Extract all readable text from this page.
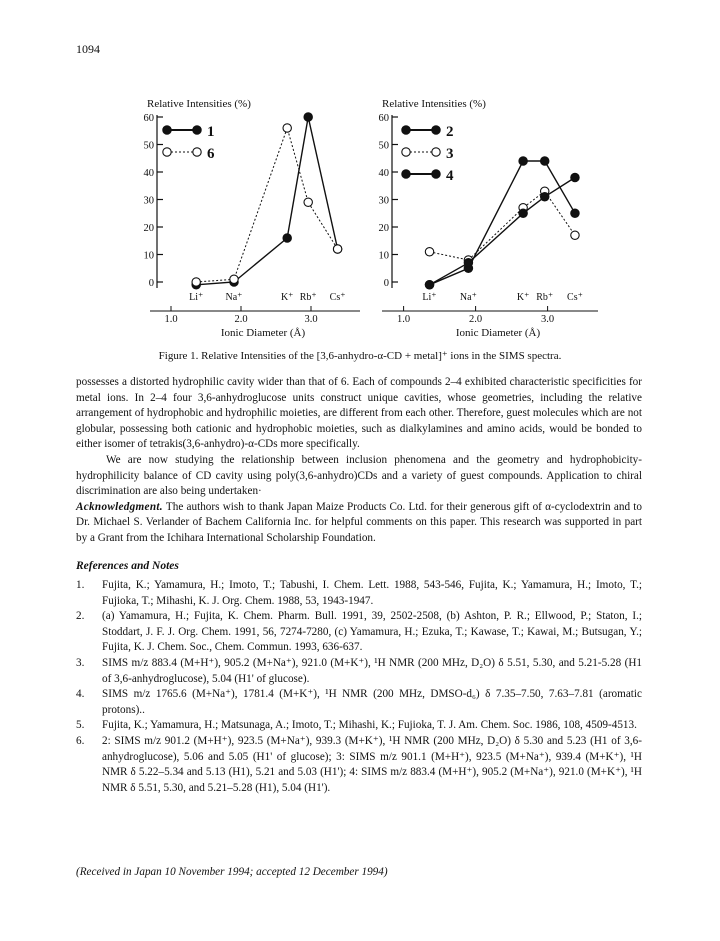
1094
Relative Intensities (%)
0
10
20
30
40
50
60
1.0	2.0	3.0
Ionic Diameter (Å)
Li⁺ Na⁺	K⁺ Rb⁺ Cs⁺
1
6
Relative Intensities (%)
0
10
20
30
40
50
60
1.0	2.0	3.0
Ionic Diameter (Å)
Li⁺ Na⁺	K⁺ Rb⁺ Cs⁺
2
3
4
Figure 1. Relative Intensities of the [3,6-anhydro-α-CD + metal]⁺ ions in the SIMS spectra.

possesses a distorted hydrophilic cavity wider than that of 6. Each of compounds 2–4 exhibited characteristic specificities for metal ions. In 2–4 four 3,6-anhydroglucose units construct unique cavities, whose geometries, including the relative arrangement of hydrophobic and hydrophilic moieties, are different from each other. Therefore, guest molecules which are not globular, possessing both cationic and hydrophobic moieties, such as dialkylamines and amino acids, would be bonded to either isomer of tetrakis(3,6-anhydro)-α-CDs more specifically.

We are now studying the relationship between inclusion phenomena and the geometry and hydrophobicity-hydrophilicity balance of CD cavity using poly(3,6-anhydro)CDs and a variety of guest compounds. Application to chiral discrimination are also being undertaken·

Acknowledgment. The authors wish to thank Japan Maize Products Co. Ltd. for their generous gift of α-cyclodextrin and to Dr. Michael S. Verlander of Bachem California Inc. for helpful comments on this paper. This research was supported in part by a Grant from the Ichihara International Scholarship Foundation.

References and Notes
1.	Fujita, K.; Yamamura, H.; Imoto, T.; Tabushi, I. Chem. Lett. 1988, 543-546, Fujita, K.; Yamamura, H.; Imoto, T.; Fujioka, T.; Mihashi, K. J. Org. Chem. 1988, 53, 1943-1947.
2.	(a) Yamamura, H.; Fujita, K. Chem. Pharm. Bull. 1991, 39, 2502-2508, (b) Ashton, P. R.; Ellwood, P.; Staton, I.; Stoddart, J. F. J. Org. Chem. 1991, 56, 7274-7280, (c) Yamamura, H.; Ezuka, T.; Kawase, T.; Kawai, M.; Butsugan, Y.; Fujita, K. J. Chem. Soc., Chem. Commun. 1993, 636-637.
3.	SIMS m/z 883.4 (M+H⁺), 905.2 (M+Na⁺), 921.0 (M+K⁺), ¹H NMR (200 MHz, D₂O) δ 5.51, 5.30, and 5.21-5.28 (H1 of 3,6-anhydroglucose), 5.04 (H1' of glucose).
4.	SIMS m/z 1765.6 (M+Na⁺), 1781.4 (M+K⁺), ¹H NMR (200 MHz, DMSO-d₆) δ 7.35–7.50, 7.63–7.81 (aromatic protons)..
5.	Fujita, K.; Yamamura, H.; Matsunaga, A.; Imoto, T.; Mihashi, K.; Fujioka, T. J. Am. Chem. Soc. 1986, 108, 4509-4513.
6.	2: SIMS m/z 901.2 (M+H⁺), 923.5 (M+Na⁺), 939.3 (M+K⁺), ¹H NMR (200 MHz, D₂O) δ 5.30 and 5.23 (H1 of 3,6-anhydroglucose), 5.06 and 5.05 (H1' of glucose); 3: SIMS m/z 901.1 (M+H⁺), 923.5 (M+Na⁺), 939.4 (M+K⁺), ¹H NMR δ 5.22–5.34 and 5.13 (H1), 5.21 and 5.03 (H1'); 4: SIMS m/z 883.4 (M+H⁺), 905.2 (M+Na⁺), 921.0 (M+K⁺), ¹H NMR δ 5.51, 5.30, and 5.21–5.28 (H1), 5.04 (H1').
(Received in Japan 10 November 1994; accepted 12 December 1994)
